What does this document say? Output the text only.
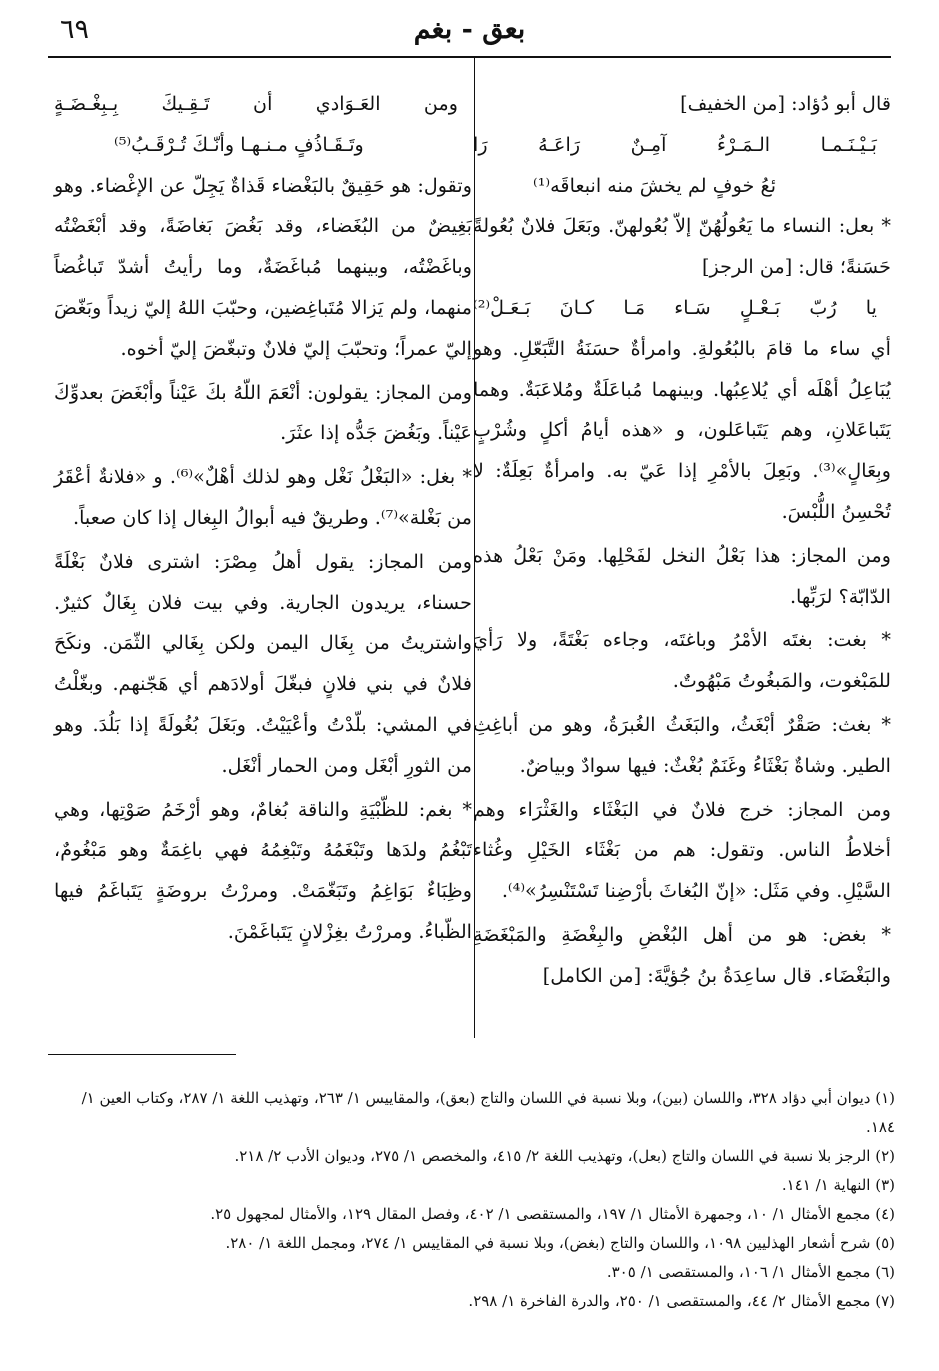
بعق - بغم
٦٩

قال أبو دُؤاد: [من الخفيف]

بَـيْـنَـمـا الـمَـرْءُ آمِـنٌ رَاعَـهُ رَا
ئعُ خوفٍ لم يخشَ منه انبعاقَه⁽¹⁾

* بعل: النساء ما يَعُولُهُنّ إلاّ بُعُولهنّ. وبَعَلَ فلانٌ بُعُولةً حَسَنةً؛ قال: [من الرجز]

يا رُبّ بَـعْـلٍ سَـاء مَـا كـانَ بَـعَـلْ⁽²⁾

أي ساء ما قامَ بالبُعُولةِ. وامرأةٌ حسَنَةُ التَّبَعّلِ. وهو يُبَاعِلُ أهْلَه أي يُلاعِبُها. وبينهما مُباعَلَةٌ ومُلاعَبَةٌ. وهما يَتَباعَلانِ، وهم يَتَباعَلون، و «هذه أيامُ أكلٍ وشُرْبٍ وبِعَالٍ»⁽³⁾. وبَعِلَ بالأمْرِ إذا عَيّ به. وامرأةٌ بَعِلَةٌ: لا تُحْسِنُ اللُّبْسَ.

ومن المجاز: هذا بَعْلُ النخل لفَحْلِها. ومَنْ بَعْلُ هذه الدّابّة؟ لرَبِّها.

* بغت: بغتَه الأمْرُ وباغتَه، وجاءه بَغْتَةً، ولا رَأيَ للمَبْغوت، والمَبغُوتُ مَبْهُوتٌ.

* بغث: صَقْرٌ أبْغَثُ، والبَغَثُ الغُبرَةُ، وهو من أباغِثِ الطير. وشاةٌ بَغْثَاءُ وغَنَمٌ بُغْثٌ: فيها سوادٌ وبياضٌ.

ومن المجاز: خرج فلانٌ في البَغْثَاء والغَثْرَاء وهم أخلاطُ الناس. وتقول: هم من بَغْثَاء الخَيْلِ وغُثاء السَّيْلِ. وفي مَثَل: «إنّ البُغاثَ بأرْضِنا تَسْتَنْسِرُ»⁽⁴⁾.

* بغض: هو من أهل البُغْضِ والبِغْضَةِ والمَبْغَضَةِ والبَغْضَاء. قال ساعِدَةُ بنُ جُؤيَّةَ: [من الكامل]

ومن العَـوَادي أن تَـقِـيكَ بِـبِغْـضَـةٍ
وتَـقَـاذُفٍ مـنـهـا وأنّـكَ تُـرْقَـبُ⁽⁵⁾

وتقول: هو حَقِيقٌ بالبَغْضاء قَذاةٌ يَجِلّ عن الإغْضاء. وهو بَغِيضٌ من البُغَضاء، وقد بَغُضَ بَغاضَةً، وقد أبْغَضْتُه وباغَضْتُه، وبينهما مُباغَضَةٌ، وما رأيتُ أشدّ تَباغُضاً منهما، ولم يَزالا مُتَباغِضين، وحبّبَ اللهُ إليّ زيداً وبَغّضَ إليّ عمراً؛ وتحبّبَ إليّ فلانٌ وتبغّضَ إليّ أخوه.

ومن المجاز: يقولون: أنْعَمَ اللّهُ بكَ عَيْناً وأبْغَضَ بعدوِّكَ عَيْناً. وبَغُضَ جَدُّه إذا عثَرَ.

* بغل: «البَغْلُ نَغْل وهو لذلك أهْلٌ»⁽⁶⁾. و «فلانةٌ أعْقَرُ من بَغْلة»⁽⁷⁾. وطريقٌ فيه أبوالُ البِغال إذا كان صعباً.

ومن المجاز: يقول أهلُ مِصْرَ: اشترى فلانٌ بَغْلَةً حسناء، يريدون الجارية. وفي بيت فلان بِغَالٌ كثيرٌ. واشتريتُ من بِغَال اليمن ولكن بِغَالي الثّمَن. ونكَحَ فلانٌ في بني فلانٍ فبغّلَ أولادَهم أي هَجّنهم. وبغّلْتُ في المشي: بلّدْتُ وأعْيَيْتُ. وبَغَلَ بُغُولَةً إذا بَلُدَ. وهو من الثورِ أبْغَل ومن الحمار أنْغَل.

* بغم: للظّبْيَةِ والناقة بُغامٌ، وهو أرْخَمُ صَوْتِها، وهي تَبْغُمُ ولدَها وتَبْغَمُهُ وتَبْغِمُهُ فهي باغِمَةٌ وهو مَبْغُومٌ، وظِبَاءٌ بَوَاغِمُ وتَبَغّمَتْ. ومررْتُ بروضَةٍ يَتَباغَمُ فيها الظّباءُ. ومررْتُ بغِزْلانٍ يَتَباغَمْنَ.

(١) ديوان أبي دؤاد ٣٢٨، واللسان (بين)، وبلا نسبة في اللسان والتاج (بعق)، والمقاييس ١/ ٢٦٣، وتهذيب اللغة ١/ ٢٨٧، وكتاب العين ١/ ١٨٤.
(٢) الرجز بلا نسبة في اللسان والتاج (بعل)، وتهذيب اللغة ٢/ ٤١٥، والمخصص ١/ ٢٧٥، وديوان الأدب ٢/ ٢١٨.
(٣) النهاية ١/ ١٤١.
(٤) مجمع الأمثال ١/ ١٠، وجمهرة الأمثال ١/ ١٩٧، والمستقصى ١/ ٤٠٢، وفصل المقال ١٢٩، والأمثال لمجهول ٢٥.
(٥) شرح أشعار الهذليين ١٠٩٨، واللسان والتاج (بغض)، وبلا نسبة في المقاييس ١/ ٢٧٤، ومجمل اللغة ١/ ٢٨٠.
(٦) مجمع الأمثال ١/ ١٠٦، والمستقصى ١/ ٣٠٥.
(٧) مجمع الأمثال ٢/ ٤٤، والمستقصى ١/ ٢٥٠، والدرة الفاخرة ١/ ٢٩٨.
